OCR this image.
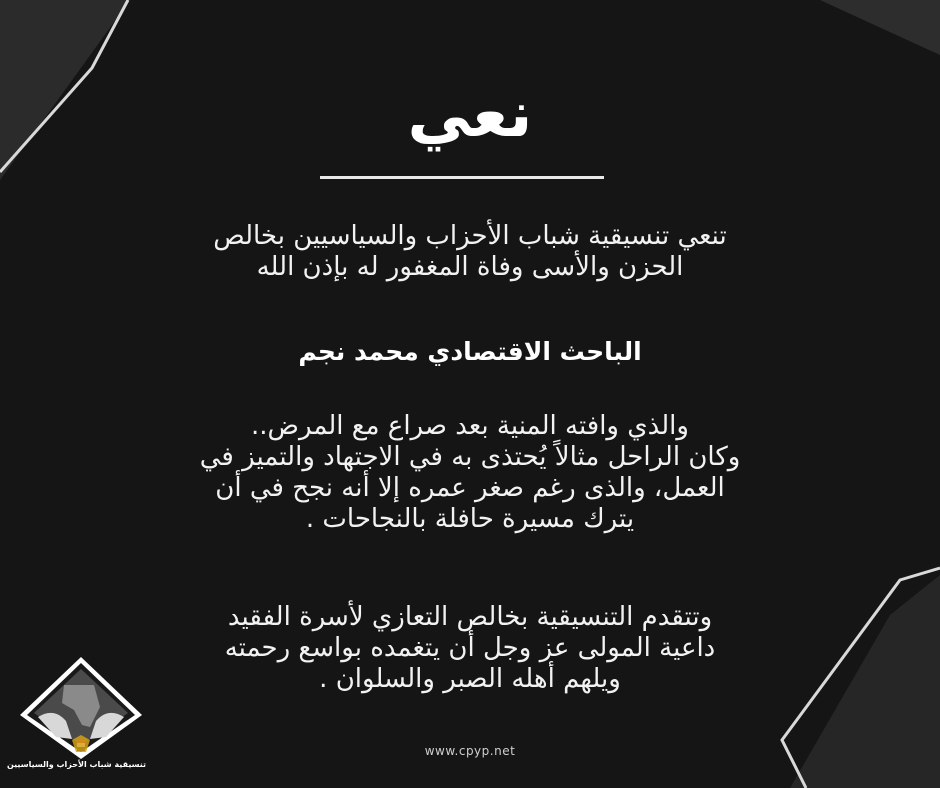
نعي
تنعي تنسيقية شباب الأحزاب والسياسيين بخالص
الحزن والأسى وفاة المغفور له بإذن الله
الباحث الاقتصادي محمد نجم
والذي وافته المنية بعد صراع مع المرض..
وكان الراحل مثالاً يُحتذى به في الاجتهاد والتميز في
العمل، والذى رغم صغر عمره إلا أنه نجح في أن
يترك مسيرة حافلة بالنجاحات .
وتتقدم التنسيقية بخالص التعازي لأسرة الفقيد
داعية المولى عز وجل أن يتغمده بواسع رحمته
ويلهم أهله الصبر والسلوان .
www.cpyp.net
تنسيقية شباب الأحزاب والسياسيين
